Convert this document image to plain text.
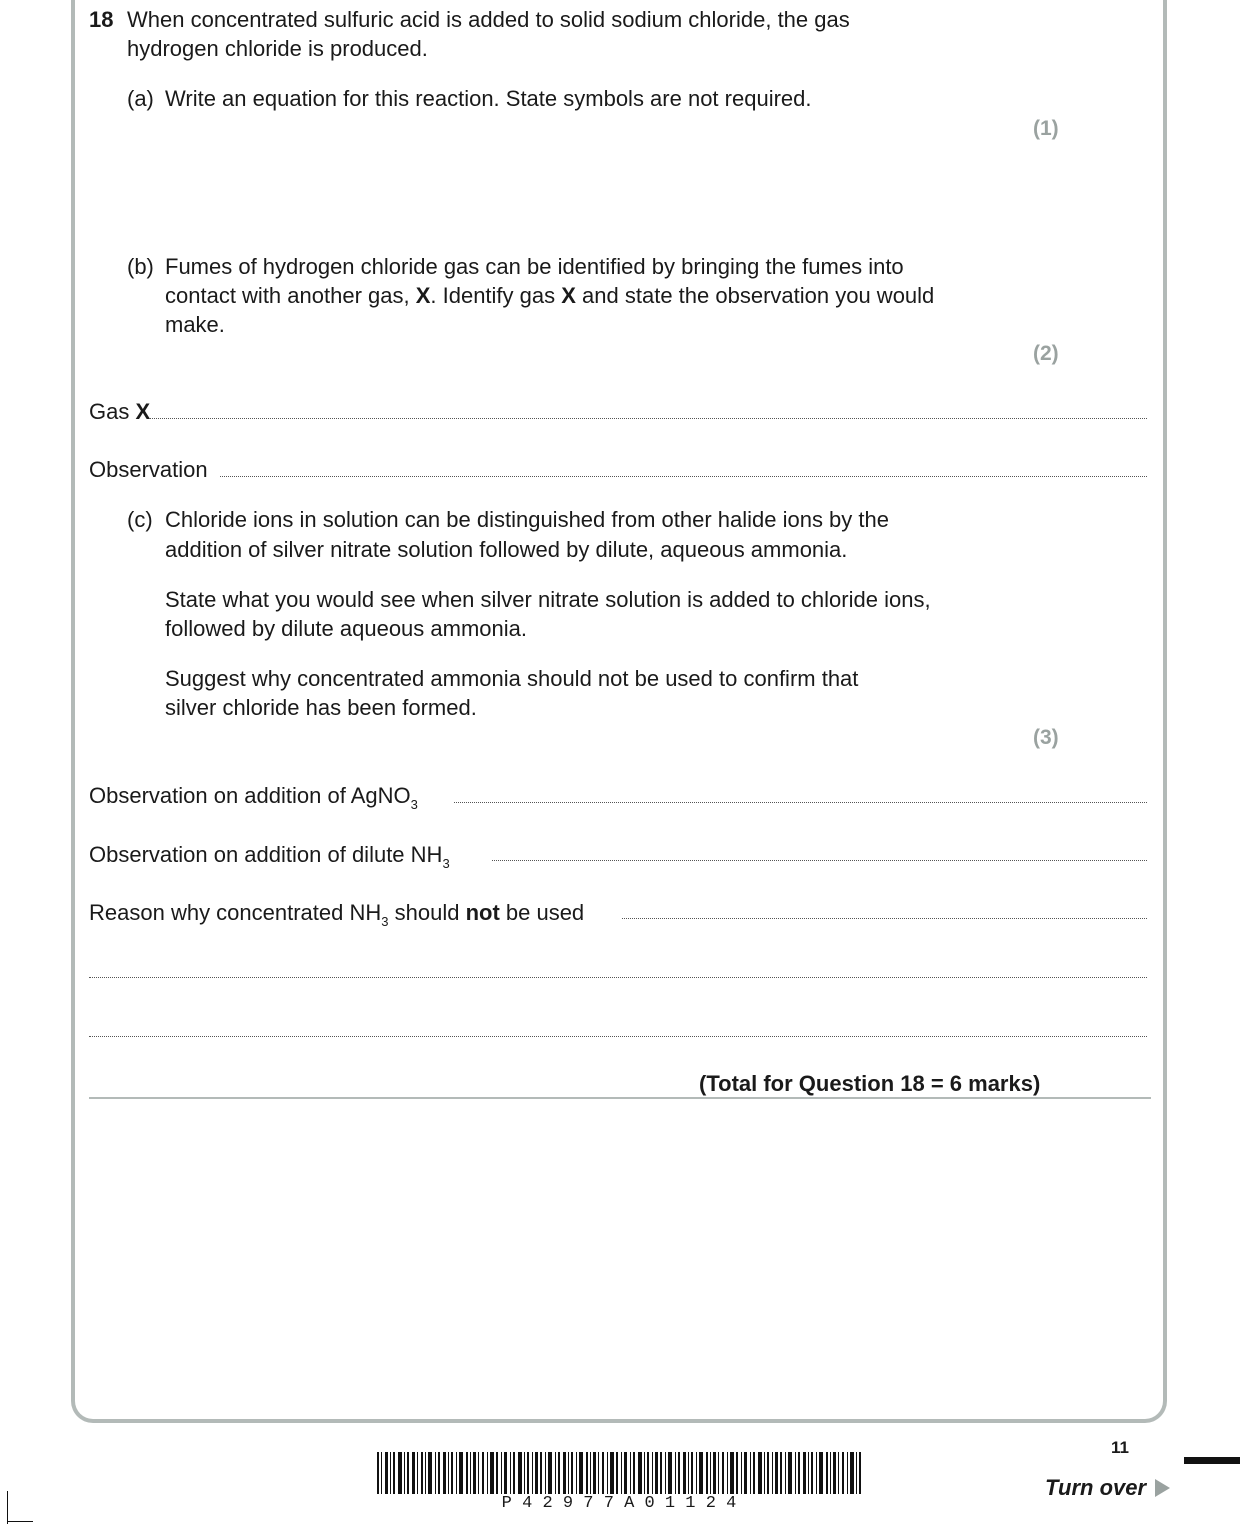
18 When concentrated sulfuric acid is added to solid sodium chloride, the gas
hydrogen chloride is produced.
(a) Write an equation for this reaction. State symbols are not required.
(1)
(b) Fumes of hydrogen chloride gas can be identified by bringing the fumes into
contact with another gas, X. Identify gas X and state the observation you would
make.
(2)
Gas X
Observation
(c) Chloride ions in solution can be distinguished from other halide ions by the
addition of silver nitrate solution followed by dilute, aqueous ammonia.
State what you would see when silver nitrate solution is added to chloride ions,
followed by dilute aqueous ammonia.
Suggest why concentrated ammonia should not be used to confirm that
silver chloride has been formed.
(3)
Observation on addition of AgNO$_3$
Observation on addition of dilute $NH_3$
Reason why concentrated $NH_3$ should not be used
(Total for Question 18 = 6 marks)
P 4 2 9 7 7 A 0 1 1 2 4
11
Turn over
